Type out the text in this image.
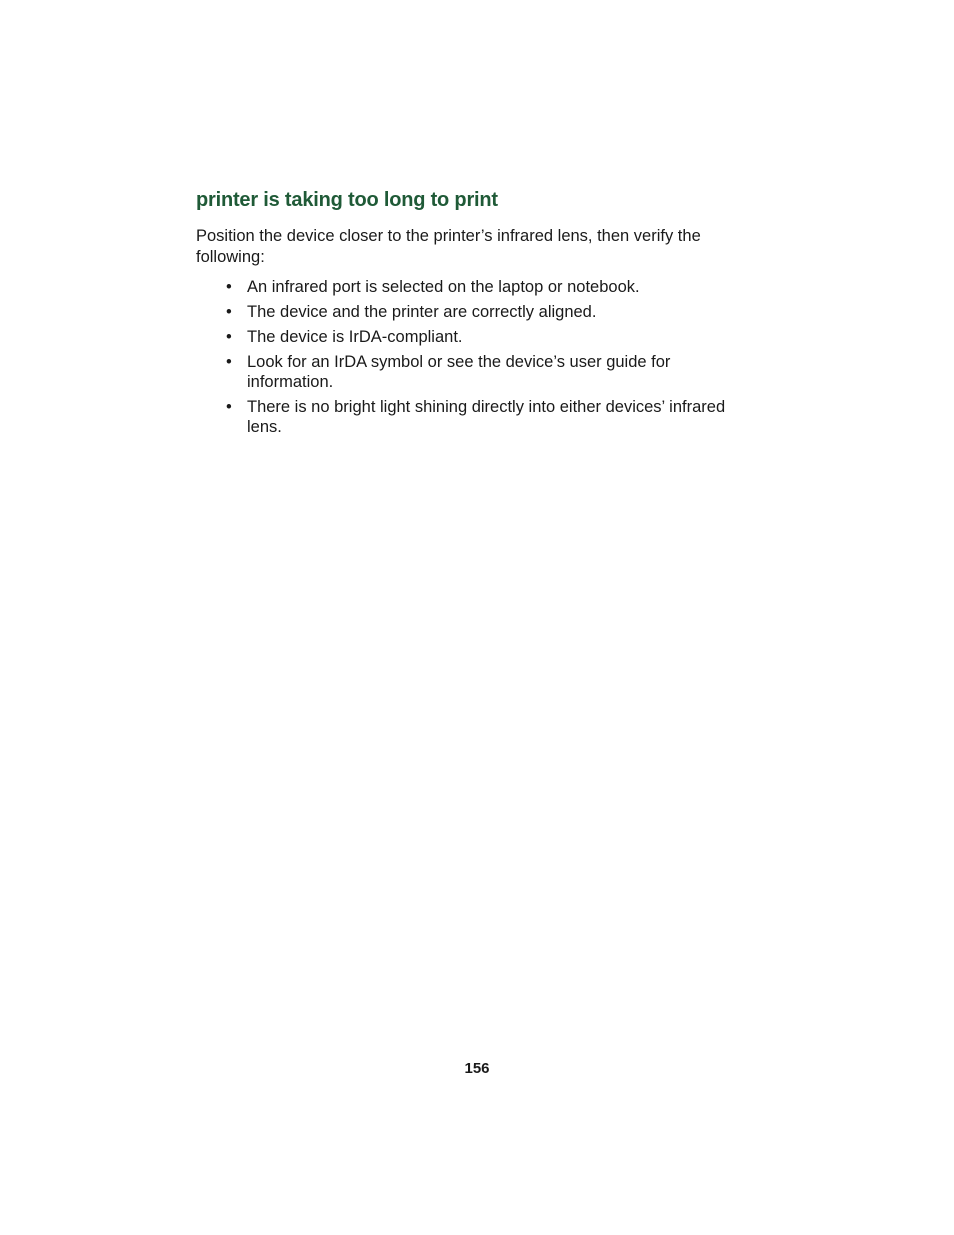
printer is taking too long to print

Position the device closer to the printer’s infrared lens, then verify the following:

• An infrared port is selected on the laptop or notebook.
• The device and the printer are correctly aligned.
• The device is IrDA-compliant.
• Look for an IrDA symbol or see the device’s user guide for information.
• There is no bright light shining directly into either devices’ infrared lens.
156
